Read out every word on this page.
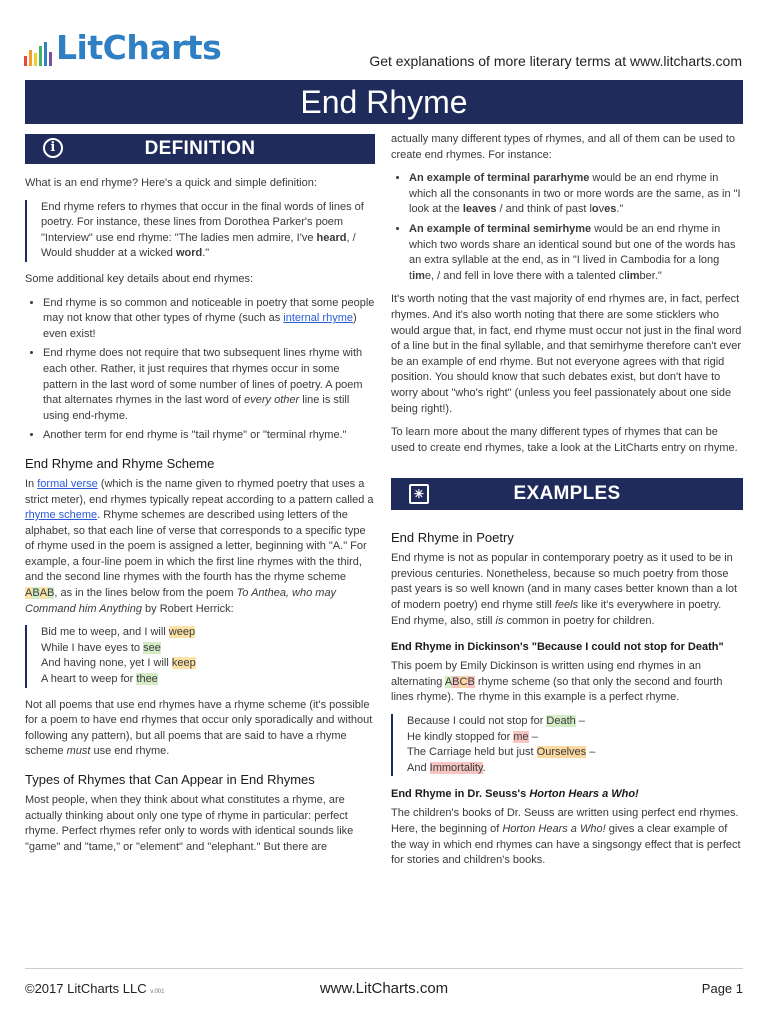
LitCharts	Get explanations of more literary terms at www.litcharts.com
End Rhyme
i	DEFINITION

What is an end rhyme? Here's a quick and simple definition:

End rhyme refers to rhymes that occur in the final words of lines of poetry. For instance, these lines from Dorothea Parker's poem "Interview" use end rhyme: "The ladies men admire, I've heard, / Would shudder at a wicked word."

Some additional key details about end rhymes:

• End rhyme is so common and noticeable in poetry that some people may not know that other types of rhyme (such as internal rhyme) even exist!
• End rhyme does not require that two subsequent lines rhyme with each other. Rather, it just requires that rhymes occur in some pattern in the last word of some number of lines of poetry. A poem that alternates rhymes in the last word of every other line is still using end-rhyme.
• Another term for end rhyme is "tail rhyme" or "terminal rhyme."
End Rhyme and Rhyme Scheme

In formal verse (which is the name given to rhymed poetry that uses a strict meter), end rhymes typically repeat according to a pattern called a rhyme scheme. Rhyme schemes are described using letters of the alphabet, so that each line of verse that corresponds to a specific type of rhyme used in the poem is assigned a letter, beginning with "A." For example, a four-line poem in which the first line rhymes with the third, and the second line rhymes with the fourth has the rhyme scheme ABAB, as in the lines below from the poem To Anthea, who may Command him Anything by Robert Herrick:

Bid me to weep, and I will weep

While I have eyes to see

And having none, yet I will keep

A heart to weep for thee

Not all poems that use end rhymes have a rhyme scheme (it's possible for a poem to have end rhymes that occur only sporadically and without following any pattern), but all poems that are said to have a rhyme scheme must use end rhyme.

Types of Rhymes that Can Appear in End Rhymes

Most people, when they think about what constitutes a rhyme, are actually thinking about only one type of rhyme in particular: perfect rhyme. Perfect rhymes refer only to words with identical sounds like "game" and "tame," or "element" and "elephant." But there are

actually many different types of rhymes, and all of them can be used to create end rhymes. For instance:

• An example of terminal pararhyme would be an end rhyme in which all the consonants in two or more words are the same, as in "I look at the leaves / and think of past loves."
• An example of terminal semirhyme would be an end rhyme in which two words share an identical sound but one of the words has an extra syllable at the end, as in "I lived in Cambodia for a long time, / and fell in love there with a talented climber."

It's worth noting that the vast majority of end rhymes are, in fact, perfect rhymes. And it's also worth noting that there are some sticklers who would argue that, in fact, end rhyme must occur not just in the final word of a line but in the final syllable, and that semirhyme therefore can't ever be an example of end rhyme. But not everyone agrees with that rigid position. You should know that such debates exist, but don't have to worry about "who's right" (unless you feel passionately about one side being right!).

To learn more about the many different types of rhymes that can be used to create end rhymes, take a look at the LitCharts entry on rhyme.

✳	EXAMPLES
End Rhyme in Poetry

End rhyme is not as popular in contemporary poetry as it used to be in previous centuries. Nonetheless, because so much poetry from those past years is so well known (and in many cases better known than a lot of modern poetry) end rhyme still feels like it's everywhere in poetry. End rhyme, also, still is common in poetry for children.

End Rhyme in Dickinson's "Because I could not stop for Death"

This poem by Emily Dickinson is written using end rhymes in an alternating ABCB rhyme scheme (so that only the second and fourth lines rhyme). The rhyme in this example is a perfect rhyme.

Because I could not stop for Death –

He kindly stopped for me –

The Carriage held but just Ourselves –

And Immortality.

End Rhyme in Dr. Seuss's Horton Hears a Who!

The children's books of Dr. Seuss are written using perfect end rhymes. Here, the beginning of Horton Hears a Who! gives a clear example of the way in which end rhymes can have a singsongy effect that is perfect for stories and children's books.

©2017 LitCharts LLC v.001	www.LitCharts.com	Page 1
